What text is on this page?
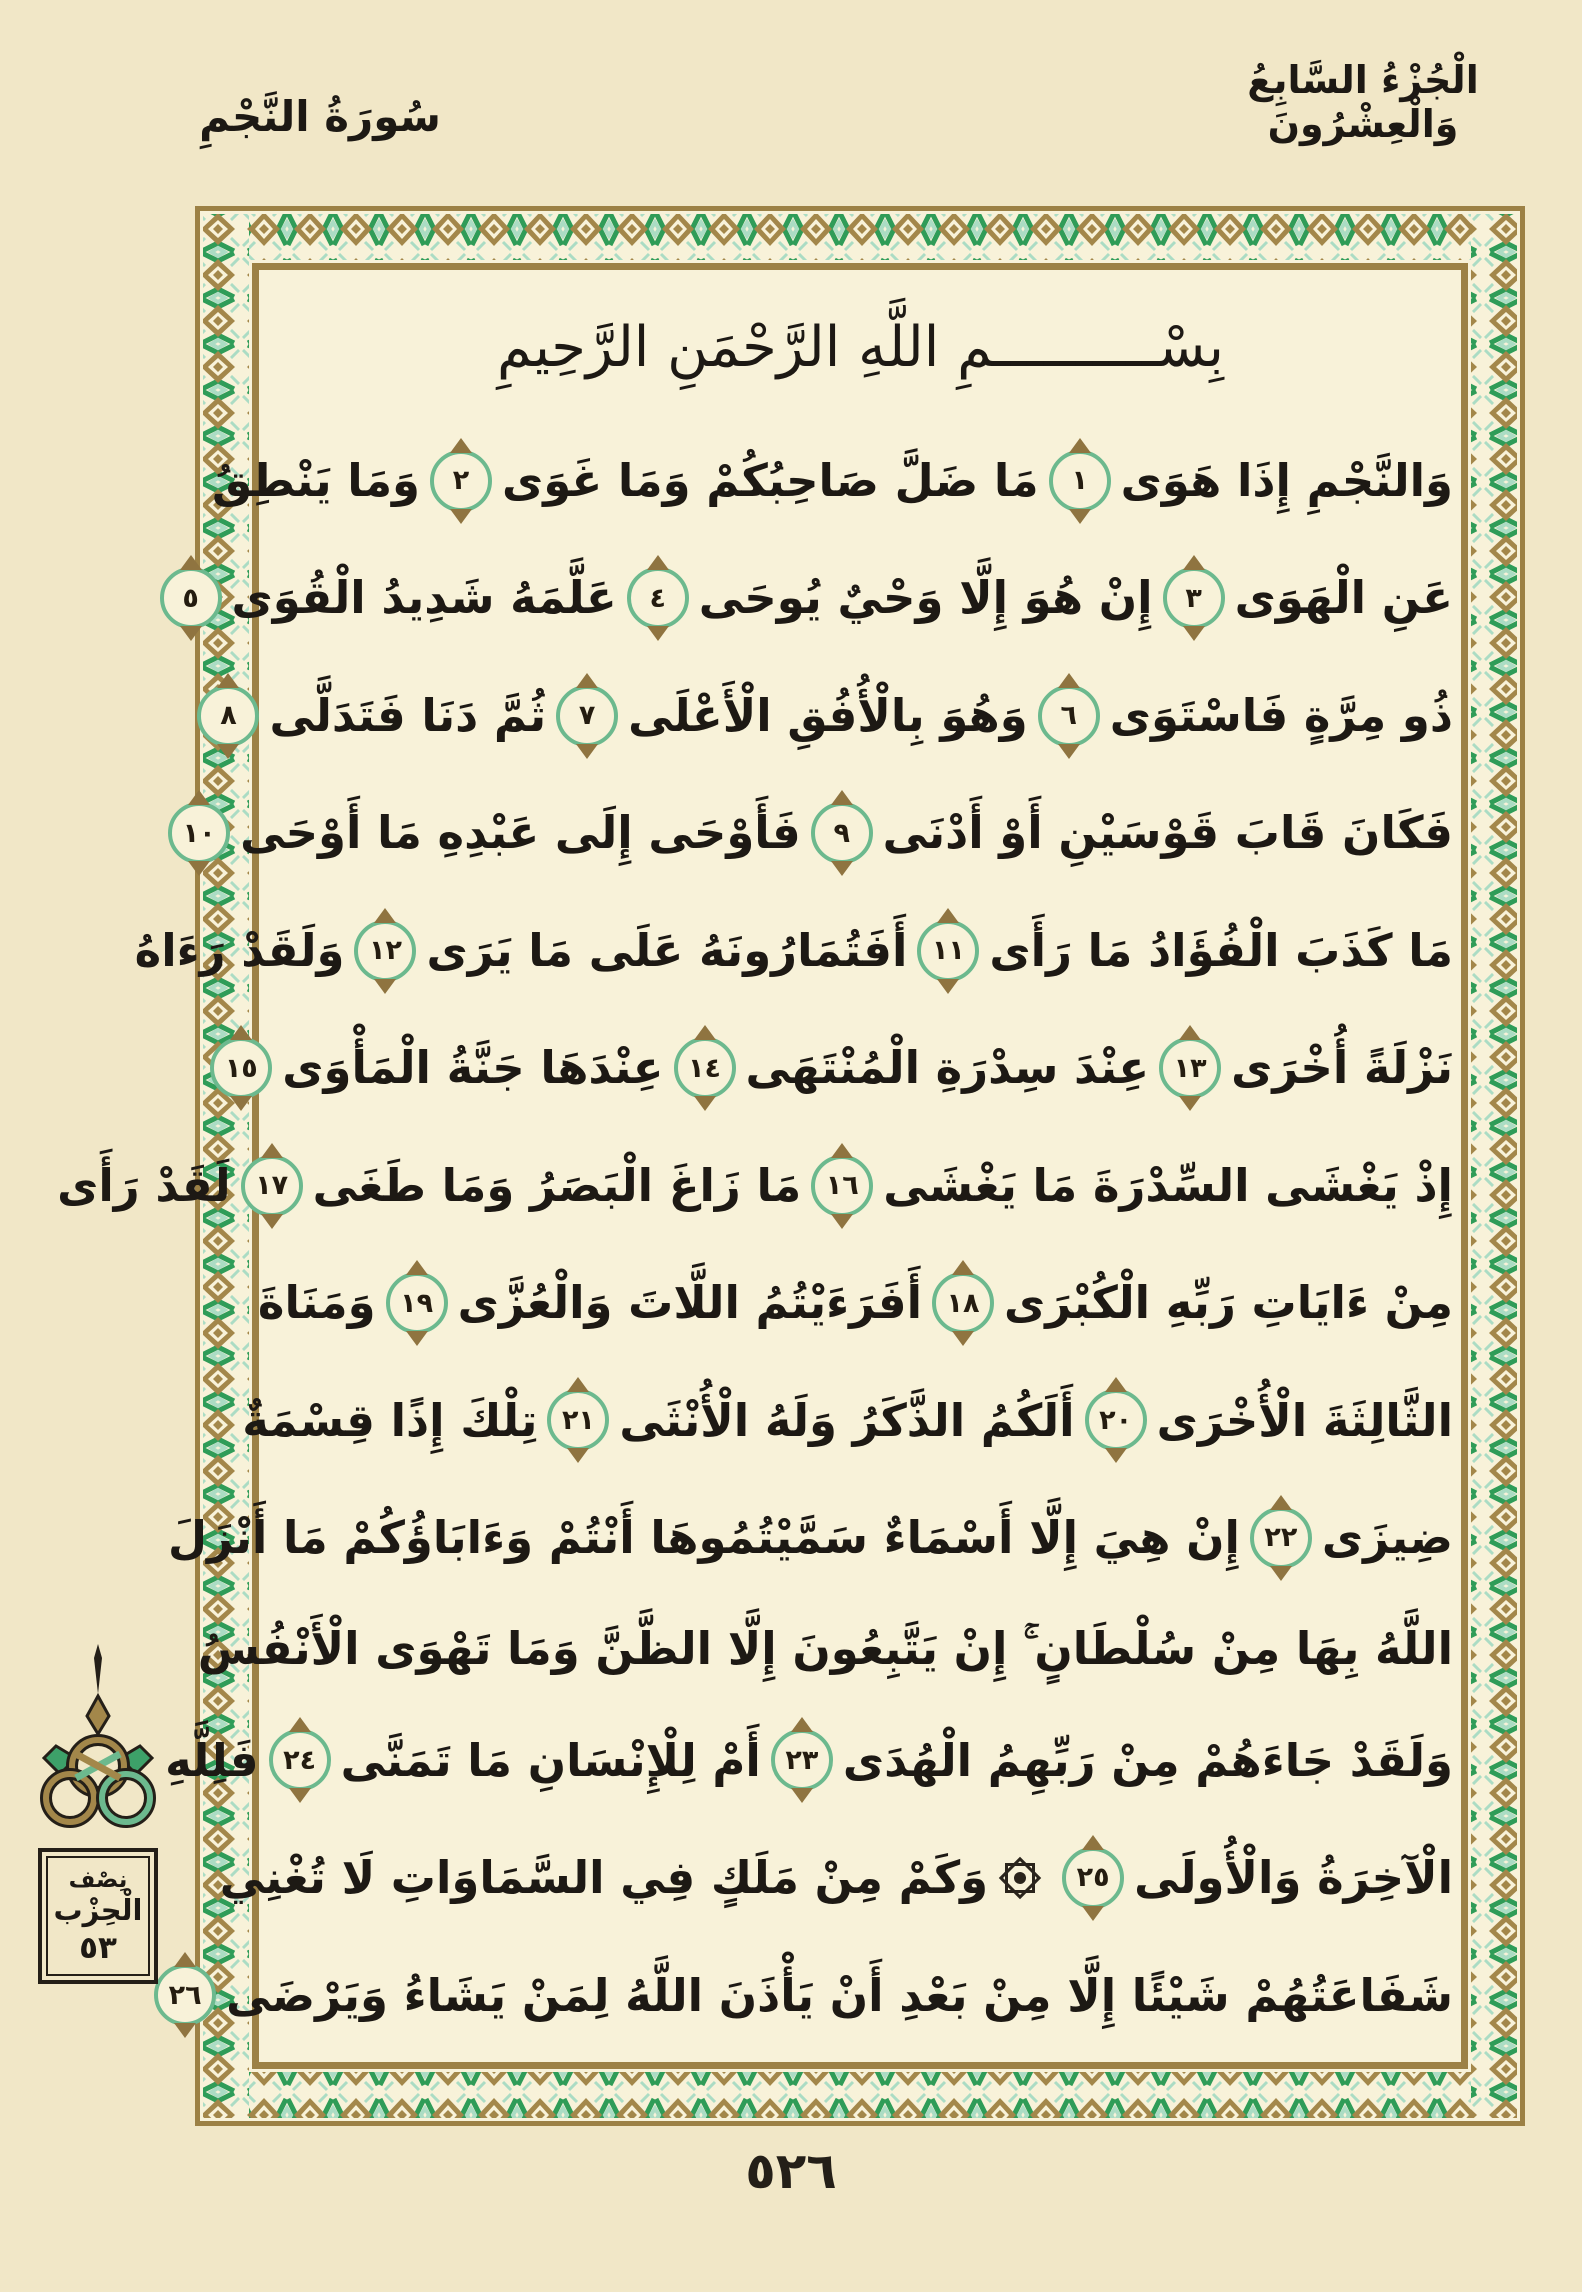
سُورَةُ النَّجْمِ
الْجُزْءُ السَّابِعُ وَالْعِشْرُونَ
بِسْــــــــــمِ اللَّهِ الرَّحْمَنِ الرَّحِيمِ
وَالنَّجْمِ إِذَا هَوَى
١
مَا ضَلَّ صَاحِبُكُمْ وَمَا غَوَى
٢
وَمَا يَنْطِقُ
عَنِ الْهَوَى
٣
إِنْ هُوَ إِلَّا وَحْيٌ يُوحَى
٤
عَلَّمَهُ شَدِيدُ الْقُوَى
٥
ذُو مِرَّةٍ فَاسْتَوَى
٦
وَهُوَ بِالْأُفُقِ الْأَعْلَى
٧
ثُمَّ دَنَا فَتَدَلَّى
٨
فَكَانَ قَابَ قَوْسَيْنِ أَوْ أَدْنَى
٩
فَأَوْحَى إِلَى عَبْدِهِ مَا أَوْحَى
١٠
مَا كَذَبَ الْفُؤَادُ مَا رَأَى
١١
أَفَتُمَارُونَهُ عَلَى مَا يَرَى
١٢
وَلَقَدْ رَءَاهُ
نَزْلَةً أُخْرَى
١٣
عِنْدَ سِدْرَةِ الْمُنْتَهَى
١٤
عِنْدَهَا جَنَّةُ الْمَأْوَى
١٥
إِذْ يَغْشَى السِّدْرَةَ مَا يَغْشَى
١٦
مَا زَاغَ الْبَصَرُ وَمَا طَغَى
١٧
لَقَدْ رَأَى
مِنْ ءَايَاتِ رَبِّهِ الْكُبْرَى
١٨
أَفَرَءَيْتُمُ اللَّاتَ وَالْعُزَّى
١٩
وَمَنَاةَ
الثَّالِثَةَ الْأُخْرَى
٢٠
أَلَكُمُ الذَّكَرُ وَلَهُ الْأُنْثَى
٢١
تِلْكَ إِذًا قِسْمَةٌ
ضِيزَى
٢٢
إِنْ هِيَ إِلَّا أَسْمَاءٌ سَمَّيْتُمُوهَا أَنْتُمْ وَءَابَاؤُكُمْ مَا أَنْزَلَ
اللَّهُ بِهَا مِنْ سُلْطَانٍ ۚ إِنْ يَتَّبِعُونَ إِلَّا الظَّنَّ وَمَا تَهْوَى الْأَنْفُسُ
وَلَقَدْ جَاءَهُمْ مِنْ رَبِّهِمُ الْهُدَى
٢٣
أَمْ لِلْإِنْسَانِ مَا تَمَنَّى
٢٤
فَلِلَّهِ
الْآخِرَةُ وَالْأُولَى
٢٥
وَكَمْ مِنْ مَلَكٍ فِي السَّمَاوَاتِ لَا تُغْنِي
شَفَاعَتُهُمْ شَيْئًا إِلَّا مِنْ بَعْدِ أَنْ يَأْذَنَ اللَّهُ لِمَنْ يَشَاءُ وَيَرْضَى
٢٦
نِصْف
الْحِزْب
٥٣
٥٢٦
